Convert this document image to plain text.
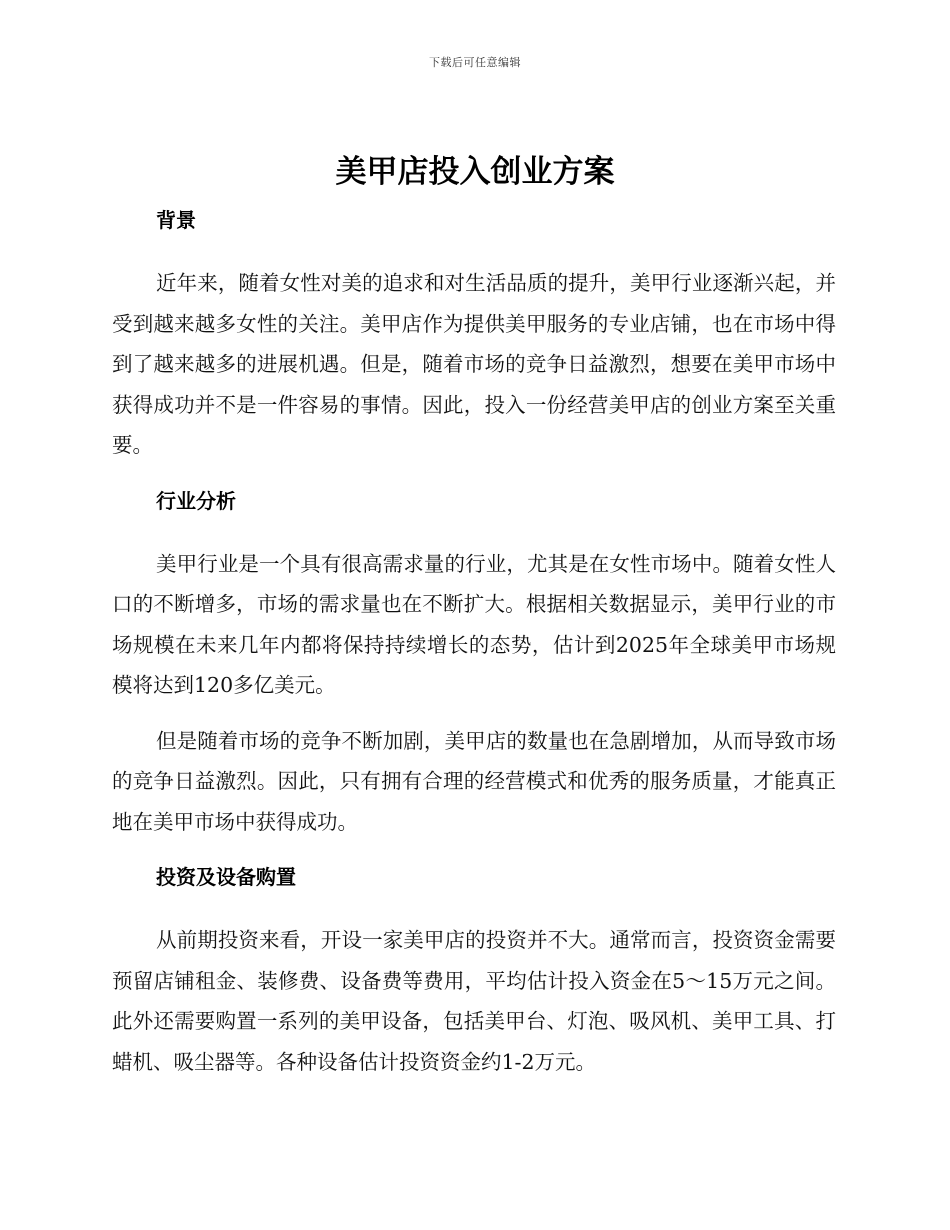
下载后可任意编辑
美甲店投入创业方案
背景

近年来，随着女性对美的追求和对生活品质的提升，美甲行业逐渐兴起，并受到越来越多女性的关注。美甲店作为提供美甲服务的专业店铺，也在市场中得到了越来越多的进展机遇。但是，随着市场的竞争日益激烈，想要在美甲市场中获得成功并不是一件容易的事情。因此，投入一份经营美甲店的创业方案至关重要。

行业分析

美甲行业是一个具有很高需求量的行业，尤其是在女性市场中。随着女性人口的不断增多，市场的需求量也在不断扩大。根据相关数据显示，美甲行业的市场规模在未来几年内都将保持持续增长的态势，估计到2025年全球美甲市场规模将达到120多亿美元。

但是随着市场的竞争不断加剧，美甲店的数量也在急剧增加，从而导致市场的竞争日益激烈。因此，只有拥有合理的经营模式和优秀的服务质量，才能真正地在美甲市场中获得成功。

投资及设备购置

从前期投资来看，开设一家美甲店的投资并不大。通常而言，投资资金需要预留店铺租金、装修费、设备费等费用，平均估计投入资金在5～15万元之间。此外还需要购置一系列的美甲设备，包括美甲台、灯泡、吸风机、美甲工具、打蜡机、吸尘器等。各种设备估计投资资金约1-2万元。
